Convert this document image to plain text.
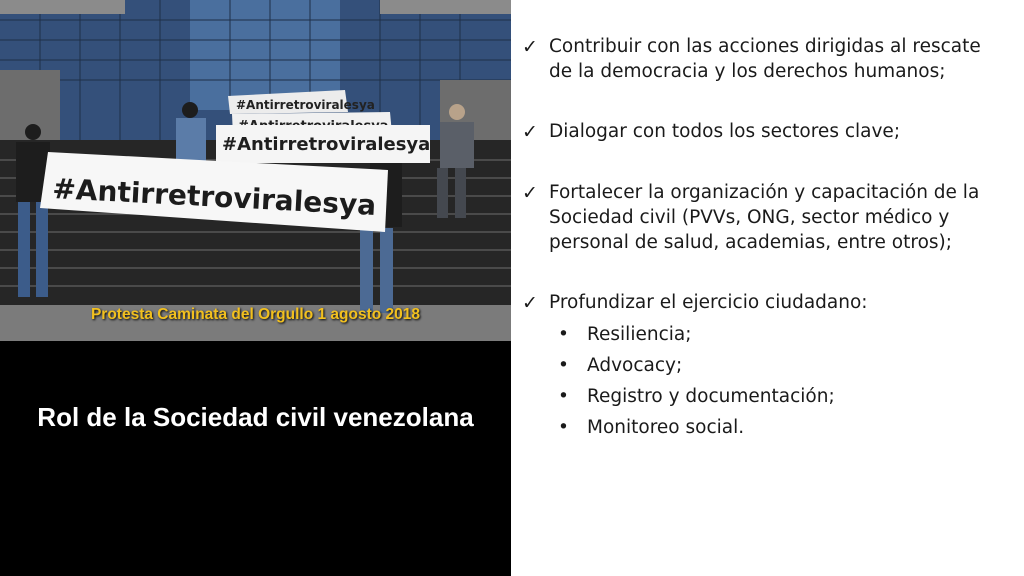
#Antirretroviralesya
#Antirretroviralesya
#Antirretroviralesya
Protesta Caminata del Orgullo 1 agosto 2018
Rol de la Sociedad civil venezolana
✓ Contribuir con las acciones dirigidas al rescate de la democracia y los derechos humanos;
✓ Dialogar con todos los sectores clave;
✓ Fortalecer la organización y capacitación de la Sociedad civil (PVVs, ONG, sector médico y personal de salud, academias, entre otros);
✓ Profundizar el ejercicio ciudadano:
• Resiliencia;
• Advocacy;
• Registro y documentación;
• Monitoreo social.
